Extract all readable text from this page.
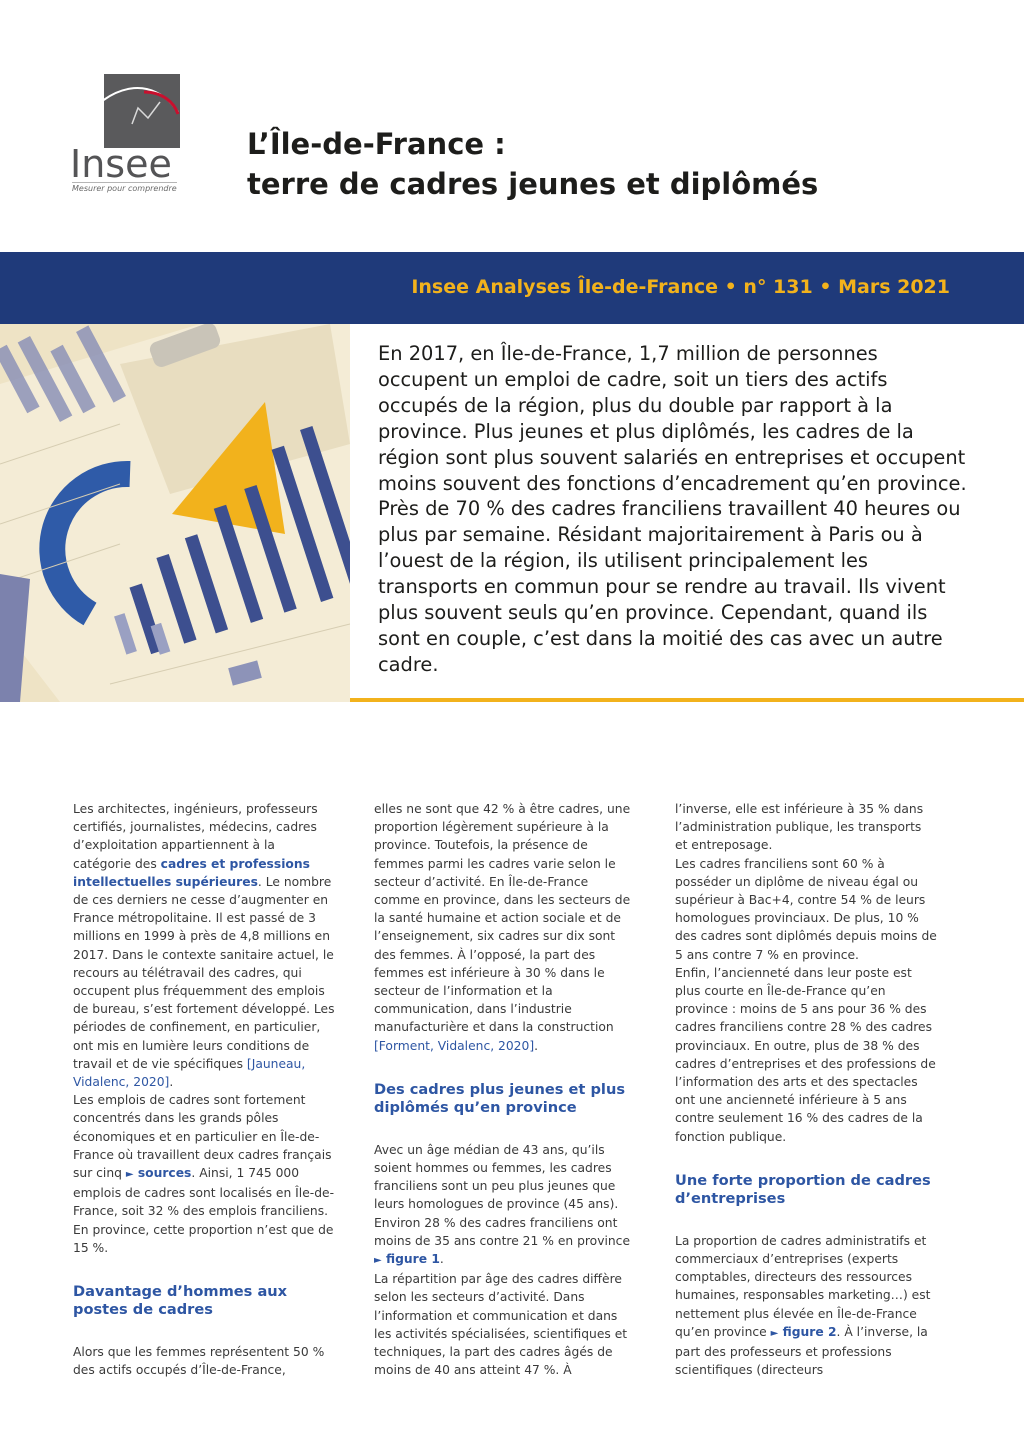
Insee
Mesurer pour comprendre
L’Île-de-France :
terre de cadres jeunes et diplômés
Insee Analyses Île-de-France • n° 131 • Mars 2021

En 2017, en Île-de-France, 1,7 million de personnes occupent un emploi de cadre, soit un tiers des actifs occupés de la région, plus du double par rapport à la province. Plus jeunes et plus diplômés, les cadres de la région sont plus souvent salariés en entreprises et occupent moins souvent des fonctions d’encadrement qu’en province. Près de 70 % des cadres franciliens travaillent 40 heures ou plus par semaine. Résidant majoritairement à Paris ou à l’ouest de la région, ils utilisent principalement les transports en commun pour se rendre au travail. Ils vivent plus souvent seuls qu’en province. Cependant, quand ils sont en couple, c’est dans la moitié des cas avec un autre cadre.

Les architectes, ingénieurs, professeurs certifiés, journalistes, médecins, cadres d’exploitation appartiennent à la catégorie des cadres et professions intellectuelles supérieures. Le nombre de ces derniers ne cesse d’augmenter en France métropolitaine. Il est passé de 3 millions en 1999 à près de 4,8 millions en 2017. Dans le contexte sanitaire actuel, le recours au télétravail des cadres, qui occupent plus fréquemment des emplois de bureau, s’est fortement développé. Les périodes de confinement, en particulier, ont mis en lumière leurs conditions de travail et de vie spécifiques [Jauneau, Vidalenc, 2020].

Les emplois de cadres sont fortement concentrés dans les grands pôles économiques et en particulier en Île-de-France où travaillent deux cadres français sur cinq ► sources. Ainsi, 1 745 000 emplois de cadres sont localisés en Île-de-France, soit 32 % des emplois franciliens. En province, cette proportion n’est que de 15 %.

Davantage d’hommes aux postes de cadres

Alors que les femmes représentent 50 % des actifs occupés d’Île-de-France,

elles ne sont que 42 % à être cadres, une proportion légèrement supérieure à la province. Toutefois, la présence de femmes parmi les cadres varie selon le secteur d’activité. En Île-de-France comme en province, dans les secteurs de la santé humaine et action sociale et de l’enseignement, six cadres sur dix sont des femmes. À l’opposé, la part des femmes est inférieure à 30 % dans le secteur de l’information et la communication, dans l’industrie manufacturière et dans la construction [Forment, Vidalenc, 2020].

Des cadres plus jeunes et plus diplômés qu’en province

Avec un âge médian de 43 ans, qu’ils soient hommes ou femmes, les cadres franciliens sont un peu plus jeunes que leurs homologues de province (45 ans). Environ 28 % des cadres franciliens ont moins de 35 ans contre 21 % en province ► figure 1.

La répartition par âge des cadres diffère selon les secteurs d’activité. Dans l’information et communication et dans les activités spécialisées, scientifiques et techniques, la part des cadres âgés de moins de 40 ans atteint 47 %. À

l’inverse, elle est inférieure à 35 % dans l’administration publique, les transports et entreposage.

Les cadres franciliens sont 60 % à posséder un diplôme de niveau égal ou supérieur à Bac+4, contre 54 % de leurs homologues provinciaux. De plus, 10 % des cadres sont diplômés depuis moins de 5 ans contre 7 % en province.

Enfin, l’ancienneté dans leur poste est plus courte en Île-de-France qu’en province : moins de 5 ans pour 36 % des cadres franciliens contre 28 % des cadres provinciaux. En outre, plus de 38 % des cadres d’entreprises et des professions de l’information des arts et des spectacles ont une ancienneté inférieure à 5 ans contre seulement 16 % des cadres de la fonction publique.

Une forte proportion de cadres d’entreprises

La proportion de cadres administratifs et commerciaux d’entreprises (experts comptables, directeurs des ressources humaines, responsables marketing…) est nettement plus élevée en Île-de-France qu’en province ► figure 2. À l’inverse, la part des professeurs et professions scientifiques (directeurs
